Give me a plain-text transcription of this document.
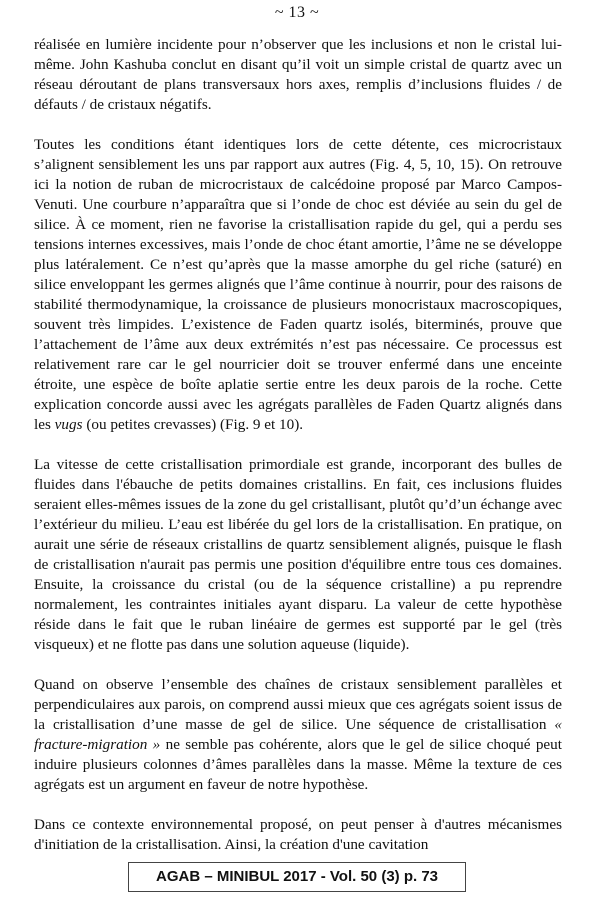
~ 13 ~

réalisée en lumière incidente pour n’observer que les inclusions et non le cristal lui-même. John Kashuba conclut en disant qu’il voit un simple cristal de quartz avec un réseau déroutant de plans transversaux hors axes, remplis d’inclusions fluides / de défauts / de cristaux négatifs.

Toutes les conditions étant identiques lors de cette détente, ces microcristaux s’alignent sensiblement les uns par rapport aux autres (Fig. 4, 5, 10, 15). On retrouve ici la notion de ruban de microcristaux de calcédoine proposé par Marco Campos-Venuti. Une courbure n’apparaîtra que si l’onde de choc est déviée au sein du gel de silice. À ce moment, rien ne favorise la cristallisation rapide du gel, qui a perdu ses tensions internes excessives, mais l’onde de choc étant amortie, l’âme ne se développe plus latéralement. Ce n’est qu’après que la masse amorphe du gel riche (saturé) en silice enveloppant les germes alignés que l’âme continue à nourrir, pour des raisons de stabilité thermodynamique, la croissance de plusieurs monocristaux macroscopiques, souvent très limpides. L’existence de Faden quartz isolés, biterminés, prouve que l’attachement de l’âme aux deux extrémités n’est pas nécessaire. Ce processus est relativement rare car le gel nourricier doit se trouver enfermé dans une enceinte étroite, une espèce de boîte aplatie sertie entre les deux parois de la roche. Cette explication concorde aussi avec les agrégats parallèles de Faden Quartz alignés dans les vugs (ou petites crevasses) (Fig. 9 et 10).

La vitesse de cette cristallisation primordiale est grande, incorporant des bulles de fluides dans l'ébauche de petits domaines cristallins. En fait, ces inclusions fluides seraient elles-mêmes issues de la zone du gel cristallisant, plutôt qu’d’un échange avec l’extérieur du milieu. L’eau est libérée du gel lors de la cristallisation. En pratique, on aurait une série de réseaux cristallins de quartz sensiblement alignés, puisque le flash de cristallisation n'aurait pas permis une position d'équilibre entre tous ces domaines. Ensuite, la croissance du cristal (ou de la séquence cristalline) a pu reprendre normalement, les contraintes initiales ayant disparu. La valeur de cette hypothèse réside dans le fait que le ruban linéaire de germes est supporté par le gel (très visqueux) et ne flotte pas dans une solution aqueuse (liquide).

Quand on observe l’ensemble des chaînes de cristaux sensiblement parallèles et perpendiculaires aux parois, on comprend aussi mieux que ces agrégats soient issus de la cristallisation d’une masse de gel de silice. Une séquence de cristallisation « fracture-migration » ne semble pas cohérente, alors que le gel de silice choqué peut induire plusieurs colonnes d’âmes parallèles dans la masse. Même la texture de ces agrégats est un argument en faveur de notre hypothèse.

Dans ce contexte environnemental proposé, on peut penser à d'autres mécanismes d'initiation de la cristallisation. Ainsi, la création d'une cavitation

AGAB – MINIBUL 2017 - Vol. 50 (3) p. 73
